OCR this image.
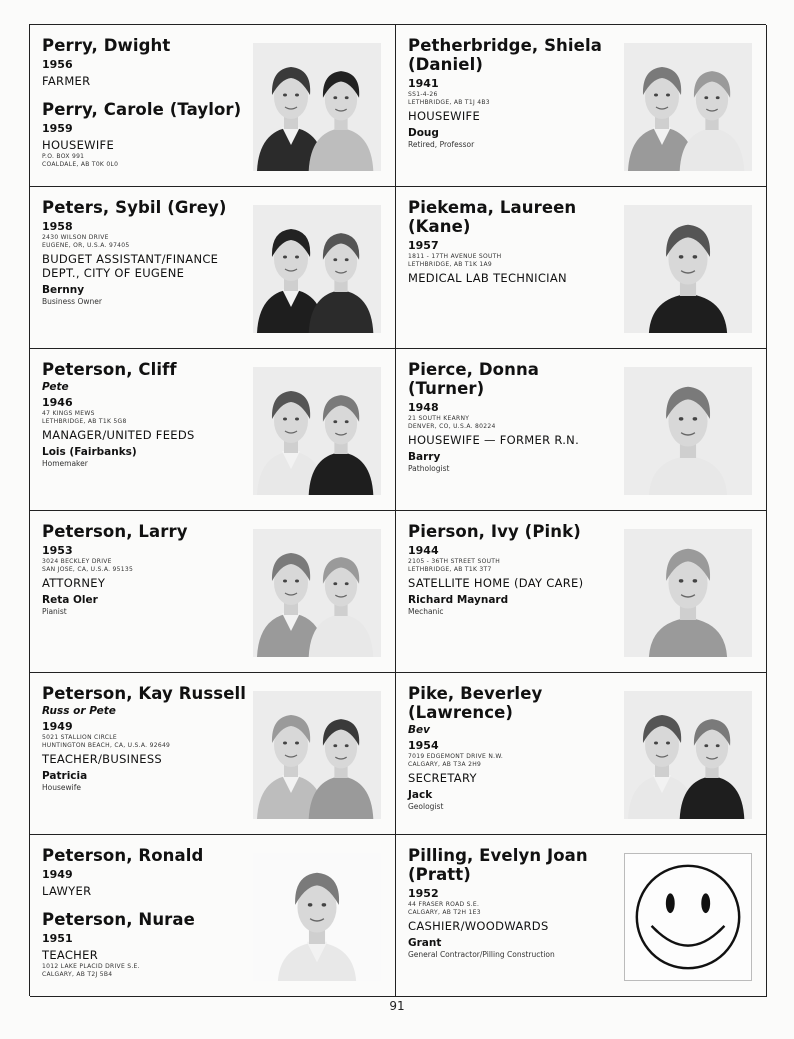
Perry, Dwight
1956
FARMER
Perry, Carole (Taylor)
1959
HOUSEWIFE
P.O. BOX 991
COALDALE, AB T0K 0L0
Petherbridge, Shiela (Daniel)
1941
SS1-4-26
LETHBRIDGE, AB T1J 4B3
HOUSEWIFE
Doug
Retired, Professor
Peters, Sybil (Grey)
1958
2430 WILSON DRIVE
EUGENE, OR, U.S.A. 97405
BUDGET ASSISTANT/FINANCE DEPT., CITY OF EUGENE
Bernny
Business Owner
Piekema, Laureen (Kane)
1957
1811 - 17TH AVENUE SOUTH
LETHBRIDGE, AB T1K 1A9
MEDICAL LAB TECHNICIAN
Peterson, Cliff
Pete
1946
47 KINGS MEWS
LETHBRIDGE, AB T1K 5G8
MANAGER/UNITED FEEDS
Lois (Fairbanks)
Homemaker
Pierce, Donna (Turner)
1948
21 SOUTH KEARNY
DENVER, CO, U.S.A. 80224
HOUSEWIFE — FORMER R.N.
Barry
Pathologist
Peterson, Larry
1953
3024 BECKLEY DRIVE
SAN JOSE, CA, U.S.A. 95135
ATTORNEY
Reta Oler
Pianist
Pierson, Ivy (Pink)
1944
2105 - 36TH STREET SOUTH
LETHBRIDGE, AB T1K 3T7
SATELLITE HOME (DAY CARE)
Richard Maynard
Mechanic
Peterson, Kay Russell
Russ or Pete
1949
5021 STALLION CIRCLE
HUNTINGTON BEACH, CA, U.S.A. 92649
TEACHER/BUSINESS
Patricia
Housewife
Pike, Beverley (Lawrence)
Bev
1954
7019 EDGEMONT DRIVE N.W.
CALGARY, AB T3A 2H9
SECRETARY
Jack
Geologist
Peterson, Ronald
1949
LAWYER
Peterson, Nurae
1951
TEACHER
1012 LAKE PLACID DRIVE S.E.
CALGARY, AB T2J 5B4
Pilling, Evelyn Joan (Pratt)
1952
44 FRASER ROAD S.E.
CALGARY, AB T2H 1E3
CASHIER/WOODWARDS
Grant
General Contractor/Pilling Construction
91
